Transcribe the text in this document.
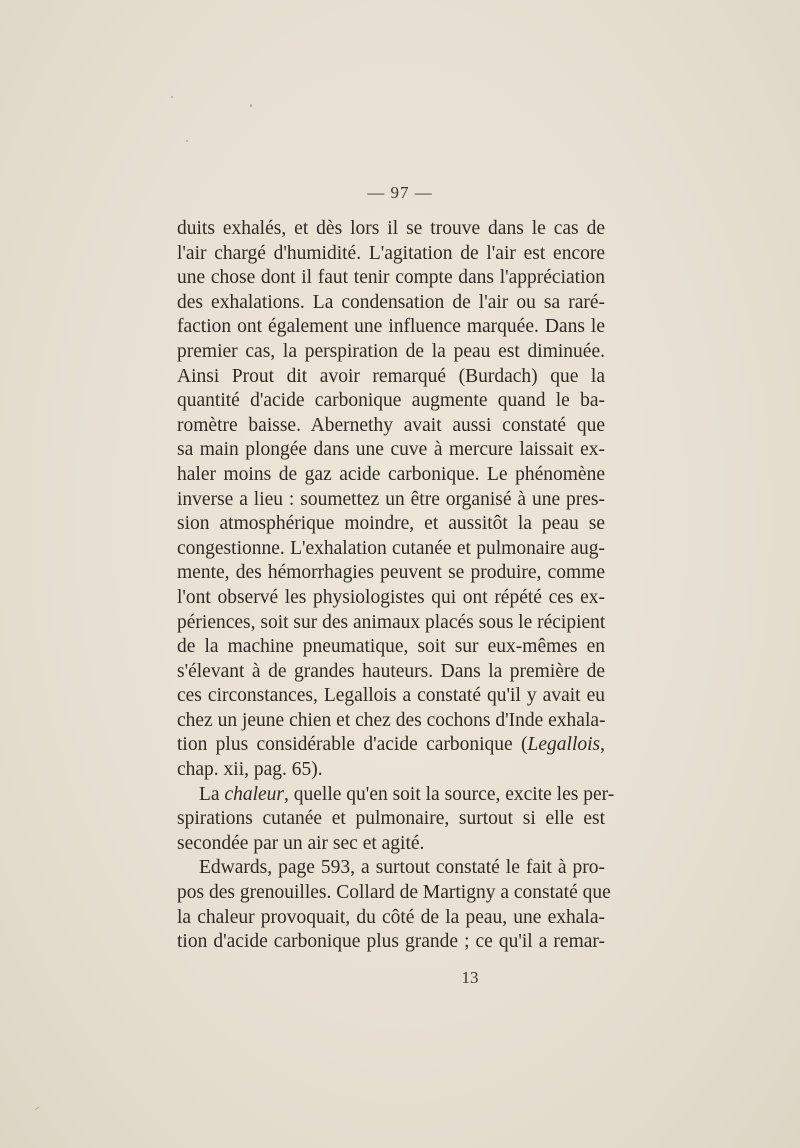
— 97 —
duits exhalés, et dès lors il se trouve dans le cas de
l'air chargé d'humidité. L'agitation de l'air est encore
une chose dont il faut tenir compte dans l'appréciation
des exhalations. La condensation de l'air ou sa raré-
faction ont également une influence marquée. Dans le
premier cas, la perspiration de la peau est diminuée.
Ainsi Prout dit avoir remarqué (Burdach) que la
quantité d'acide carbonique augmente quand le ba-
romètre baisse. Abernethy avait aussi constaté que
sa main plongée dans une cuve à mercure laissait ex-
haler moins de gaz acide carbonique. Le phénomène
inverse a lieu : soumettez un être organisé à une pres-
sion atmosphérique moindre, et aussitôt la peau se
congestionne. L'exhalation cutanée et pulmonaire aug-
mente, des hémorrhagies peuvent se produire, comme
l'ont observé les physiologistes qui ont répété ces ex-
périences, soit sur des animaux placés sous le récipient
de la machine pneumatique, soit sur eux-mêmes en
s'élevant à de grandes hauteurs. Dans la première de
ces circonstances, Legallois a constaté qu'il y avait eu
chez un jeune chien et chez des cochons d'Inde exhala-
tion plus considérable d'acide carbonique (Legallois,
chap. xii, pag. 65).
La chaleur, quelle qu'en soit la source, excite les per-
spirations cutanée et pulmonaire, surtout si elle est
secondée par un air sec et agité.
Edwards, page 593, a surtout constaté le fait à pro-
pos des grenouilles. Collard de Martigny a constaté que
la chaleur provoquait, du côté de la peau, une exhala-
tion d'acide carbonique plus grande ; ce qu'il a remar-
13
